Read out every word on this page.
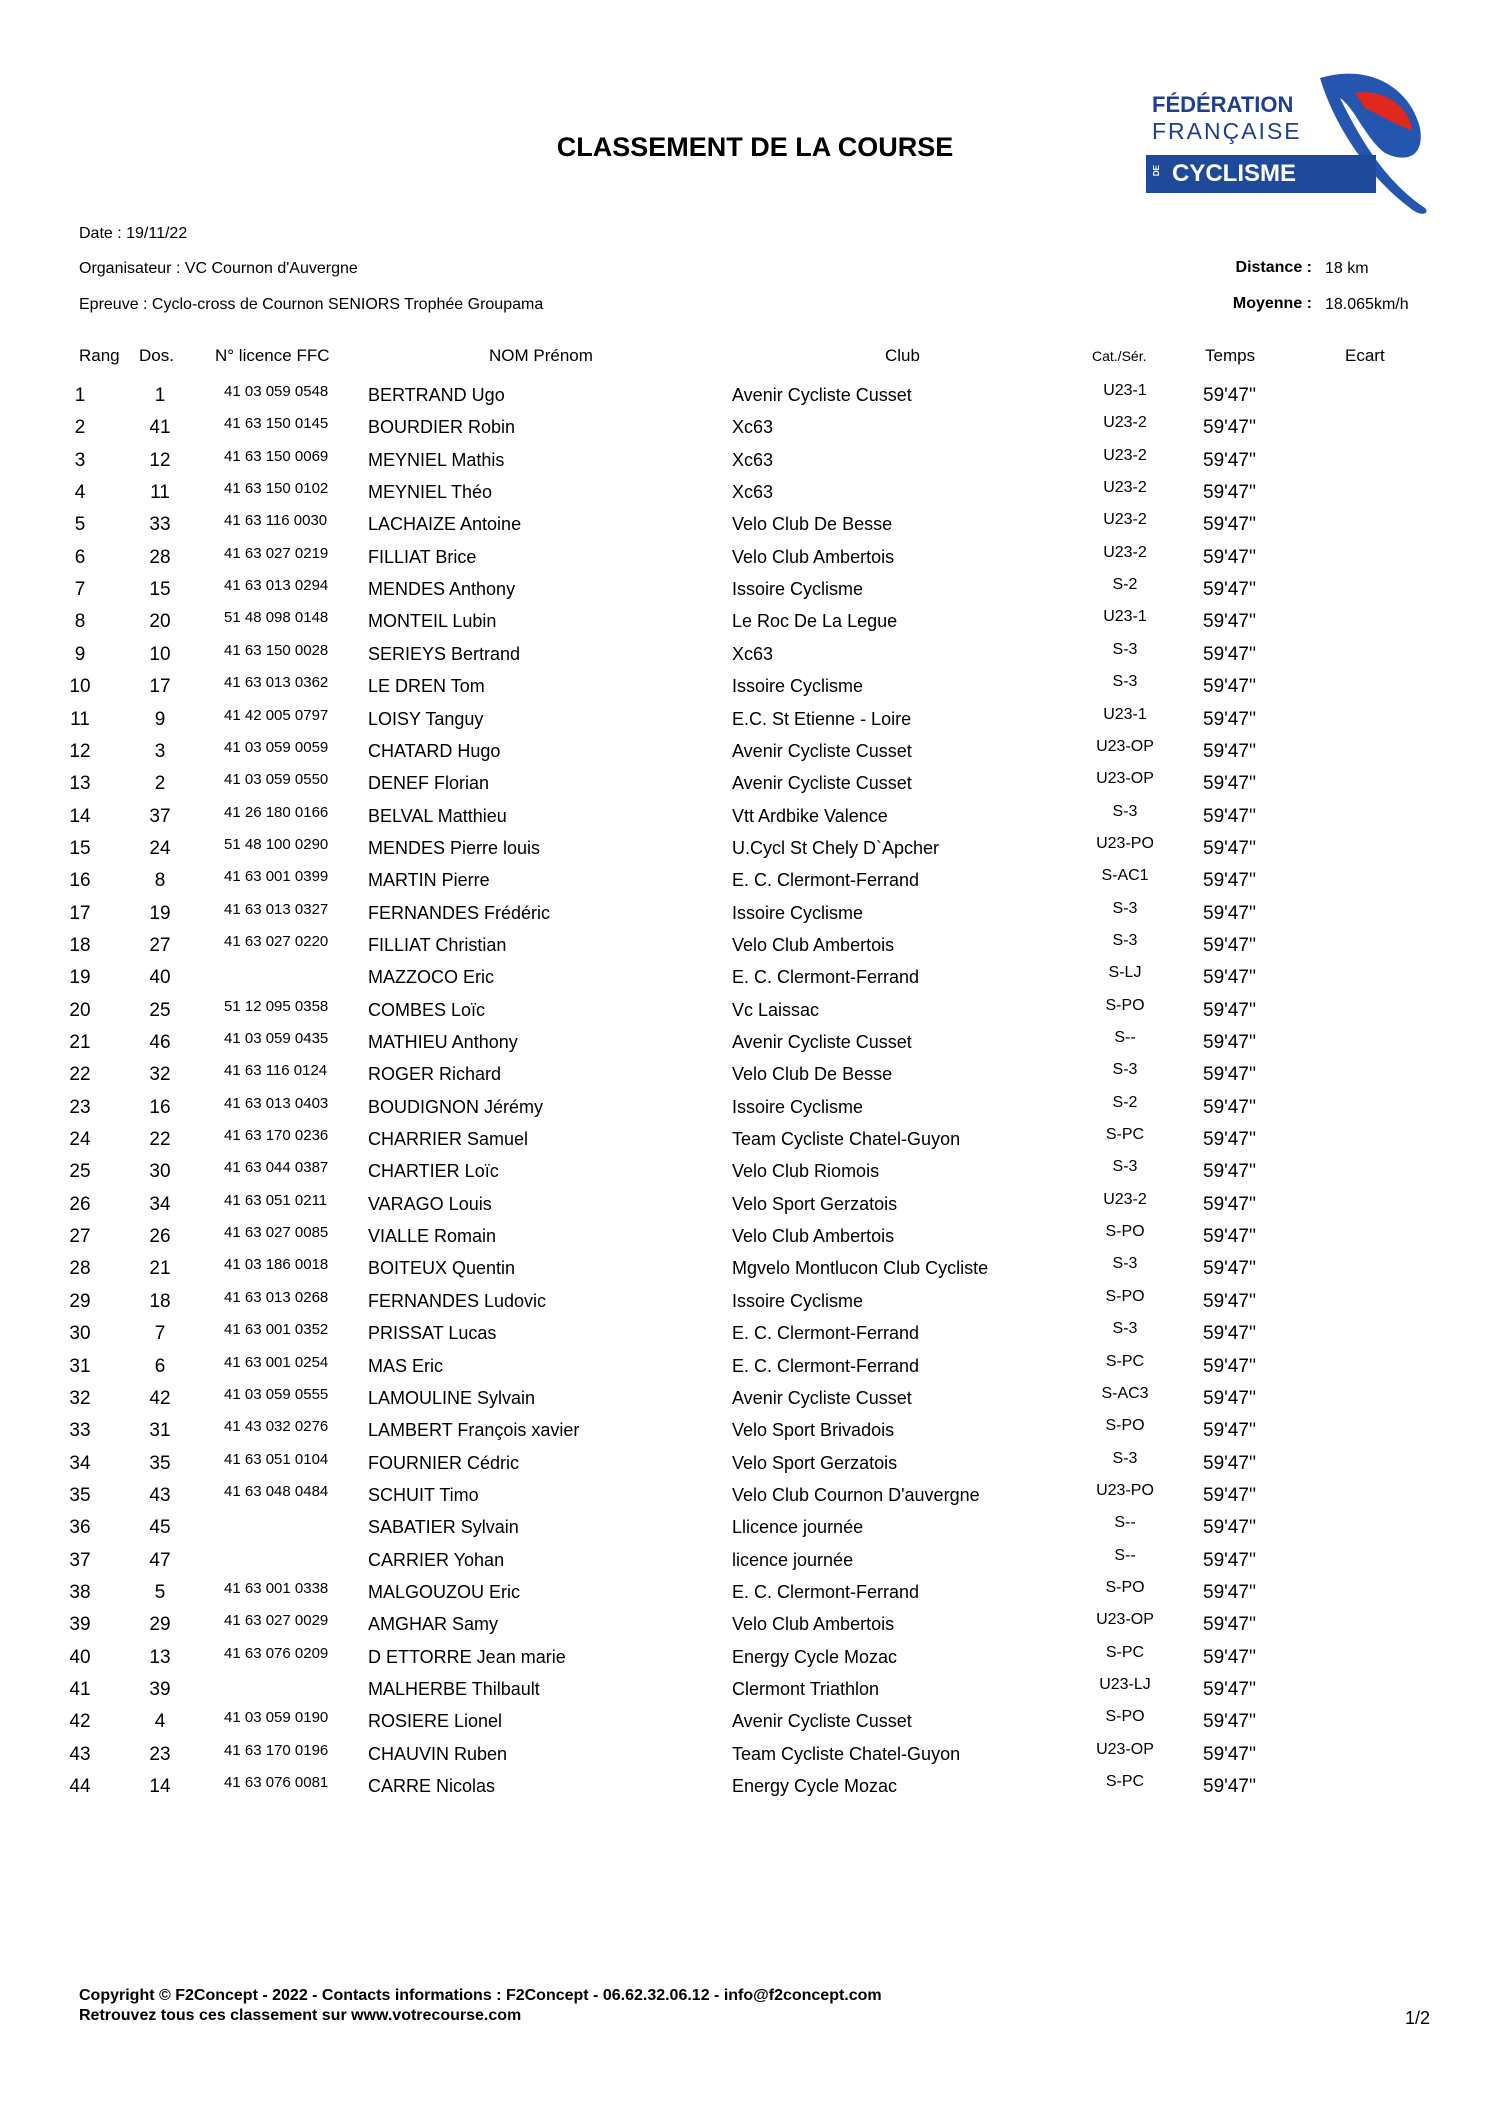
CLASSEMENT DE LA COURSE
FÉDÉRATION
FRANÇAISE
DE CYCLISME
Date : 19/11/22
Organisateur : VC Cournon d'Auvergne
Epreuve : Cyclo-cross de Cournon SENIORS Trophée Groupama
Distance : 18 km
Moyenne : 18.065km/h
Rang Dos. N° licence FFC	NOM Prénom	Club	Cat./Sér.	Temps	Ecart
1	1	41 03 059 0548 BERTRAND Ugo	Avenir Cycliste Cusset	U23-1	59'47''
2	41	41 63 150 0145 BOURDIER Robin	Xc63	U23-2	59'47''
3	12	41 63 150 0069 MEYNIEL Mathis	Xc63	U23-2	59'47''
4	11	41 63 150 0102 MEYNIEL Théo	Xc63	U23-2	59'47''
5	33	41 63 116 0030 LACHAIZE Antoine	Velo Club De Besse	U23-2	59'47''
6	28	41 63 027 0219 FILLIAT Brice	Velo Club Ambertois	U23-2	59'47''
7	15	41 63 013 0294 MENDES Anthony	Issoire Cyclisme	S-2	59'47''
8	20	51 48 098 0148 MONTEIL Lubin	Le Roc De La Legue	U23-1	59'47''
9	10	41 63 150 0028 SERIEYS Bertrand	Xc63	S-3	59'47''
10	17	41 63 013 0362 LE DREN Tom	Issoire Cyclisme	S-3	59'47''
11	9	41 42 005 0797 LOISY Tanguy	E.C. St Etienne - Loire	U23-1	59'47''
12	3	41 03 059 0059 CHATARD Hugo	Avenir Cycliste Cusset	U23-OP	59'47''
13	2	41 03 059 0550 DENEF Florian	Avenir Cycliste Cusset	U23-OP	59'47''
14	37	41 26 180 0166 BELVAL Matthieu	Vtt Ardbike Valence	S-3	59'47''
15	24	51 48 100 0290 MENDES Pierre louis	U.Cycl St Chely D`Apcher	U23-PO	59'47''
16	8	41 63 001 0399 MARTIN Pierre	E. C. Clermont-Ferrand	S-AC1	59'47''
17	19	41 63 013 0327 FERNANDES Frédéric	Issoire Cyclisme	S-3	59'47''
18	27	41 63 027 0220 FILLIAT Christian	Velo Club Ambertois	S-3	59'47''
19	40	MAZZOCO Eric	E. C. Clermont-Ferrand	S-LJ	59'47''
20	25	51 12 095 0358 COMBES Loïc	Vc Laissac	S-PO	59'47''
21	46	41 03 059 0435 MATHIEU Anthony	Avenir Cycliste Cusset	S--	59'47''
22	32	41 63 116 0124 ROGER Richard	Velo Club De Besse	S-3	59'47''
23	16	41 63 013 0403 BOUDIGNON Jérémy	Issoire Cyclisme	S-2	59'47''
24	22	41 63 170 0236 CHARRIER Samuel	Team Cycliste Chatel-Guyon	S-PC	59'47''
25	30	41 63 044 0387 CHARTIER Loïc	Velo Club Riomois	S-3	59'47''
26	34	41 63 051 0211 VARAGO Louis	Velo Sport Gerzatois	U23-2	59'47''
27	26	41 63 027 0085 VIALLE Romain	Velo Club Ambertois	S-PO	59'47''
28	21	41 03 186 0018 BOITEUX Quentin	Mgvelo Montlucon Club Cycliste	S-3	59'47''
29	18	41 63 013 0268 FERNANDES Ludovic	Issoire Cyclisme	S-PO	59'47''
30	7	41 63 001 0352 PRISSAT Lucas	E. C. Clermont-Ferrand	S-3	59'47''
31	6	41 63 001 0254 MAS Eric	E. C. Clermont-Ferrand	S-PC	59'47''
32	42	41 03 059 0555 LAMOULINE Sylvain	Avenir Cycliste Cusset	S-AC3	59'47''
33	31	41 43 032 0276 LAMBERT François xavier	Velo Sport Brivadois	S-PO	59'47''
34	35	41 63 051 0104 FOURNIER Cédric	Velo Sport Gerzatois	S-3	59'47''
35	43	41 63 048 0484 SCHUIT Timo	Velo Club Cournon D'auvergne	U23-PO	59'47''
36	45	SABATIER Sylvain	Llicence journée	S--	59'47''
37	47	CARRIER Yohan	licence journée	S--	59'47''
38	5	41 63 001 0338 MALGOUZOU Eric	E. C. Clermont-Ferrand	S-PO	59'47''
39	29	41 63 027 0029 AMGHAR Samy	Velo Club Ambertois	U23-OP	59'47''
40	13	41 63 076 0209 D ETTORRE Jean marie	Energy Cycle Mozac	S-PC	59'47''
41	39	MALHERBE Thilbault	Clermont Triathlon	U23-LJ	59'47''
42	4	41 03 059 0190 ROSIERE Lionel	Avenir Cycliste Cusset	S-PO	59'47''
43	23	41 63 170 0196 CHAUVIN Ruben	Team Cycliste Chatel-Guyon	U23-OP	59'47''
44	14	41 63 076 0081 CARRE Nicolas	Energy Cycle Mozac	S-PC	59'47''
Copyright © F2Concept - 2022 - Contacts informations : F2Concept - 06.62.32.06.12 - info@f2concept.com
Retrouvez tous ces classement sur www.votrecourse.com	1/2
